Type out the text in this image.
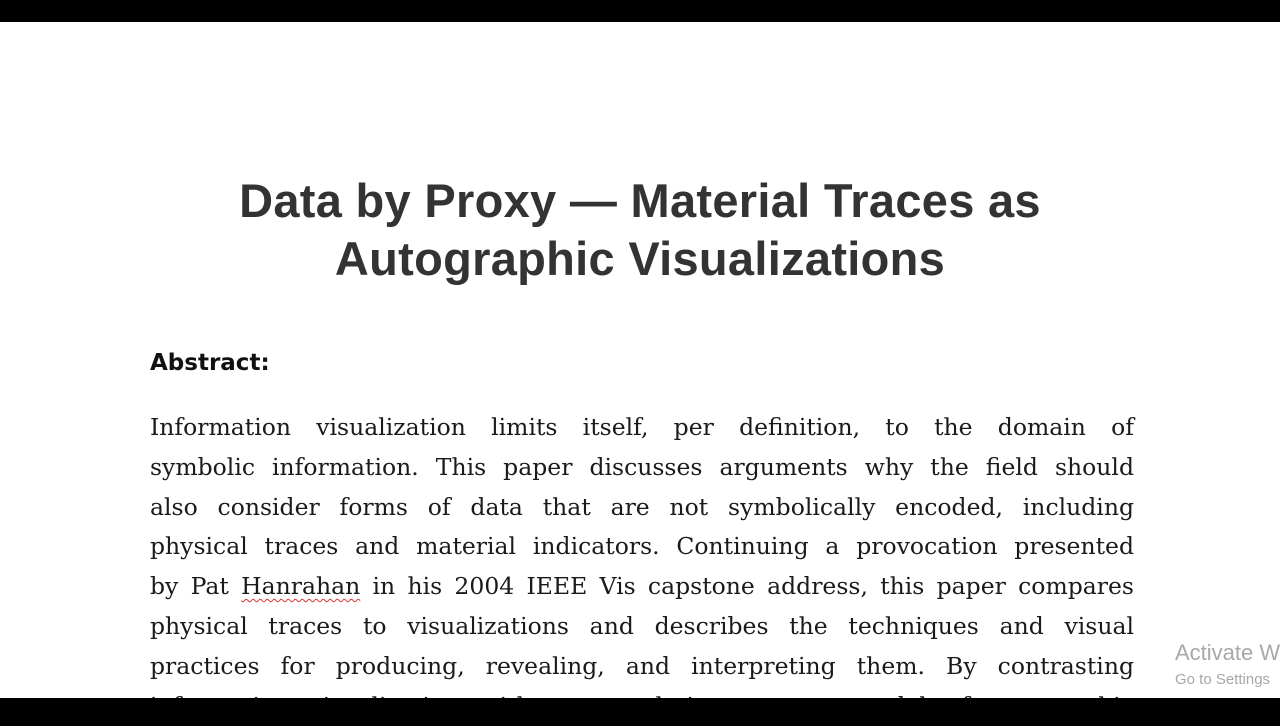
Data by Proxy — Material Traces as Autographic Visualizations
Abstract:

Information visualization limits itself, per definition, to the domain of
symbolic information. This paper discusses arguments why the field should
also consider forms of data that are not symbolically encoded, including
physical traces and material indicators. Continuing a provocation presented
by Pat Hanrahan in his 2004 IEEE Vis capstone address, this paper compares
physical traces to visualizations and describes the techniques and visual
practices for producing, revealing, and interpreting them. By contrasting Activate W
Go to Settings
